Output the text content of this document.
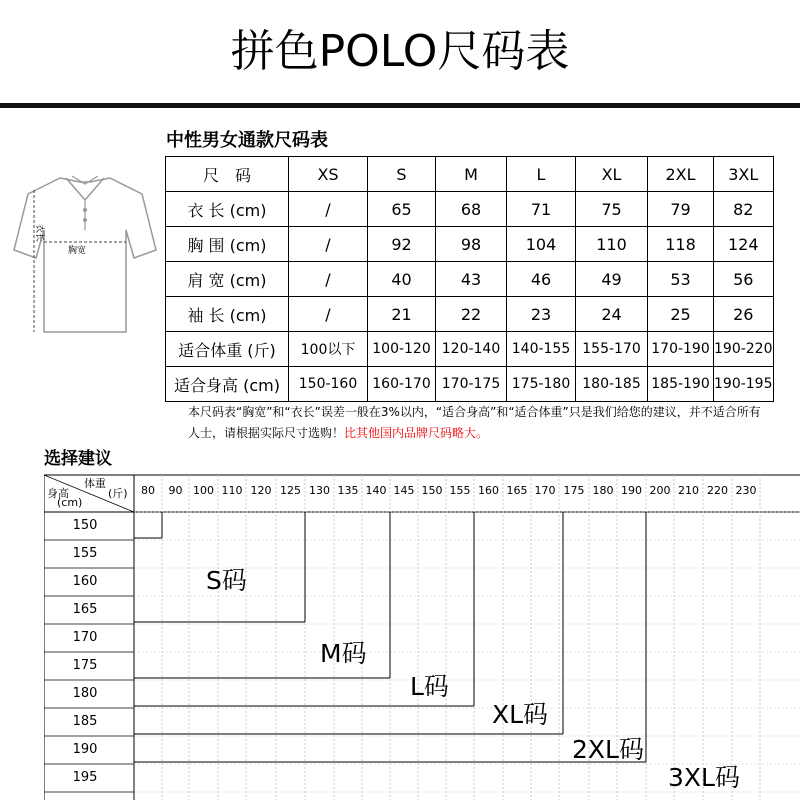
拼色POLO尺码表
中性男女通款尺码表
衣长
胸宽
尺　码	XS	S	M	L	XL	2XL	3XL
衣 长 (cm)	/	65	68	71	75	79	82
胸 围 (cm)	/	92	98	104	110	118	124
肩 宽 (cm)	/	40	43	46	49	53	56
袖 长 (cm)	/	21	22	23	24	25	26
适合体重 (斤)	100以下	100-120	120-140	140-155	155-170	170-190	190-220
适合身高 (cm)	150-160	160-170	170-175	175-180	180-185	185-190	190-195
本尺码表“胸宽”和“衣长”误差一般在3%以内，“适合身高”和“适合体重”只是我们给您的建议，并不适合所有人士，请根据实际尺寸选购！比其他国内品牌尺码略大。
选择建议
体重
(斤)
身高
(cm)
80	90 100 110 120 125 130 135 140 145 150 155 160 165 170 175 180 190 200 210 220 230
150
155
160
165
170
175
180
185
190
195
S码
M码
L码
XL码
2XL码
3XL码
